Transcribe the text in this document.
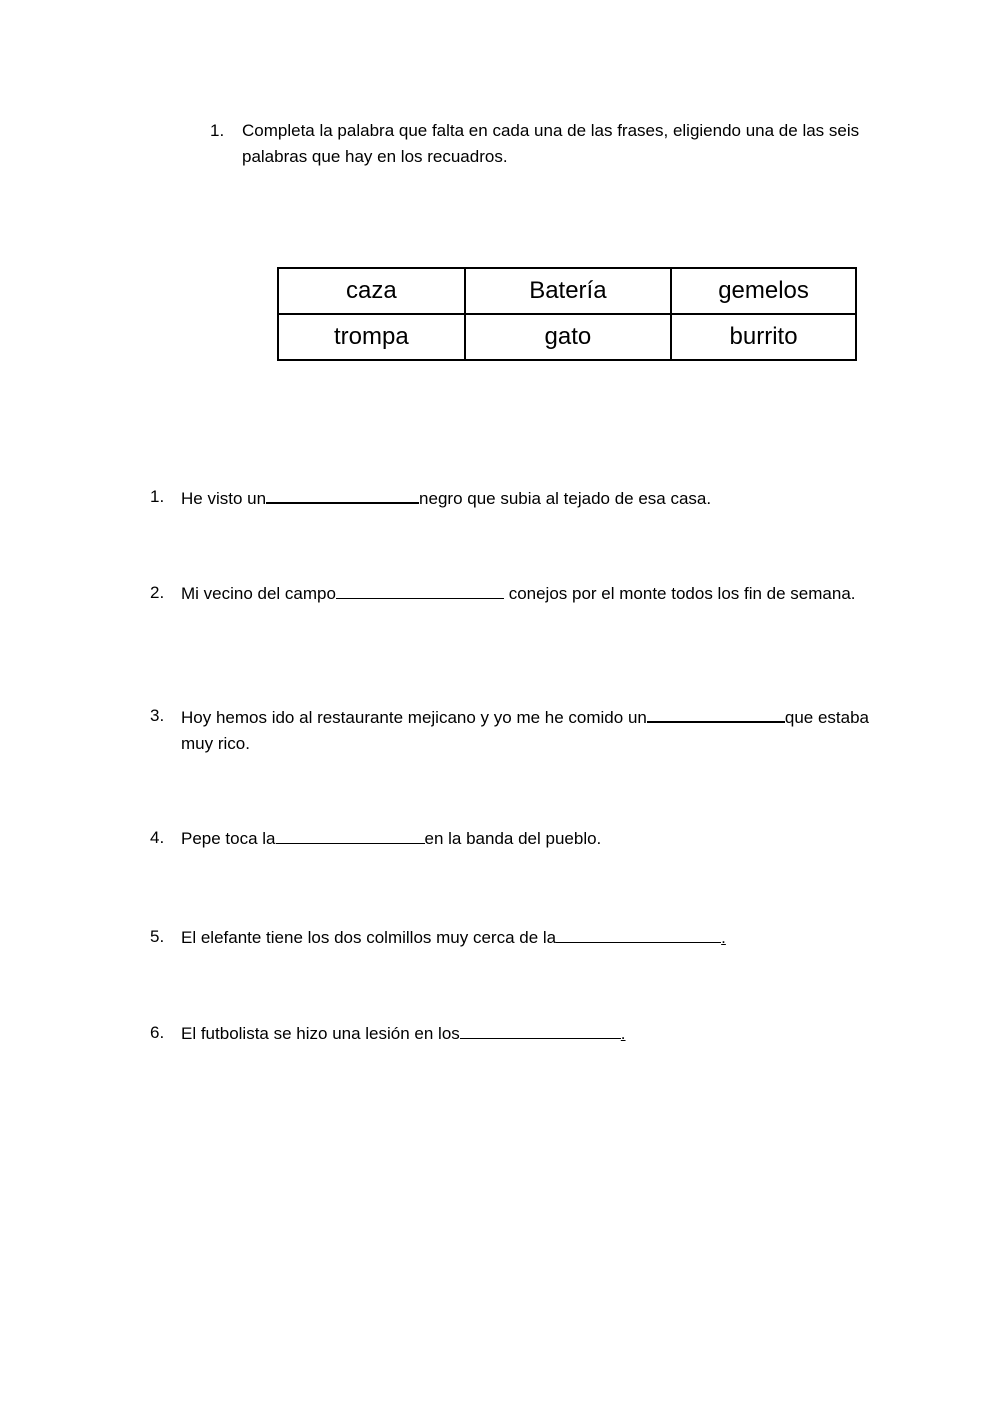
1. Completa la palabra que falta en cada una de las frases, eligiendo una de las seis palabras que hay en los recuadros.
caza	Batería	gemelos
trompa	gato	burrito
1. He visto un	negro que subia al tejado de esa casa.
2. Mi vecino del campo	conejos por el monte todos los fin de semana.
3. Hoy hemos ido al restaurante mejicano y yo me he comido un	que estaba muy rico.
4. Pepe toca la	en la banda del pueblo.
5. El elefante tiene los dos colmillos muy cerca de la	.
6. El futbolista se hizo una lesión en los	.
